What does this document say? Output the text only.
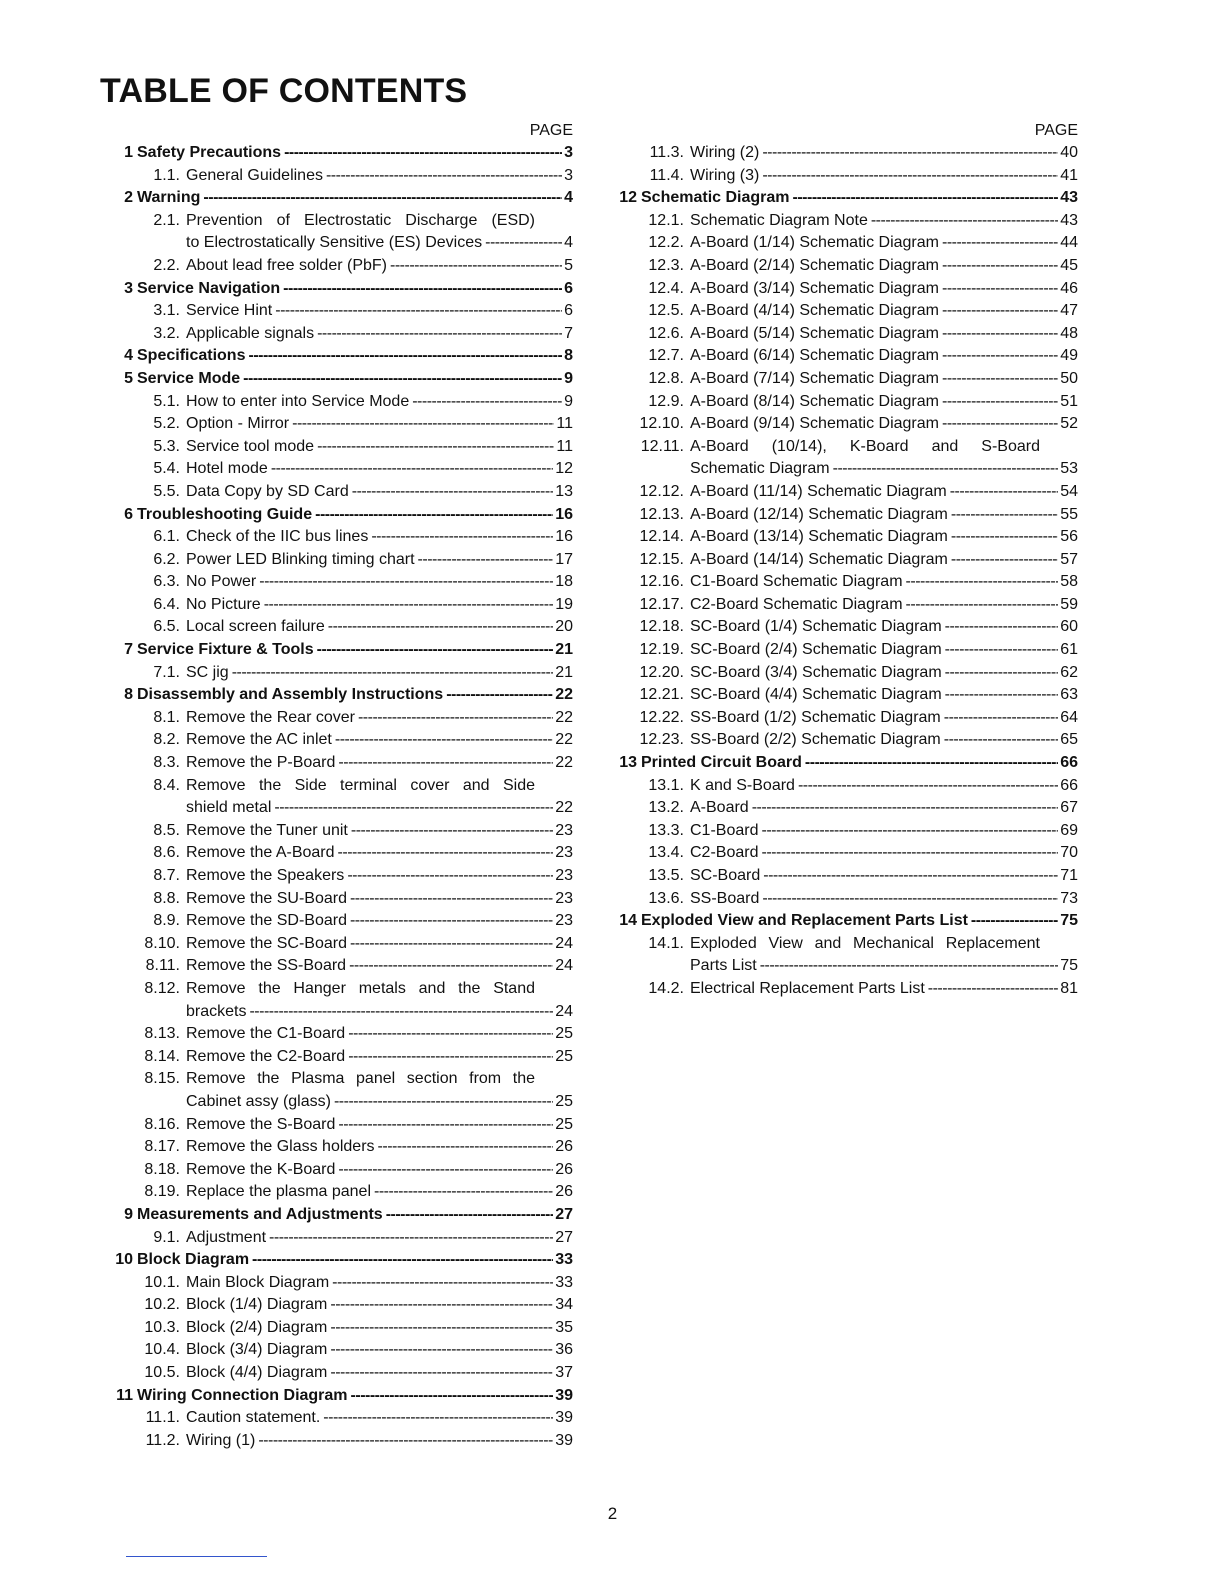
TABLE OF CONTENTS
PAGE
1 Safety Precautions -----	3
1.1. General Guidelines -----	3
2 Warning -----	4
2.1. Prevention of Electrostatic Discharge (ESD)
to Electrostatically Sensitive (ES) Devices -----	4
2.2. About lead free solder (PbF) -----	5
3 Service Navigation -----	6
3.1. Service Hint -----	6
3.2. Applicable signals -----	7
4 Specifications -----	8
5 Service Mode -----	9
5.1. How to enter into Service Mode -----	9
5.2. Option - Mirror -----	11
5.3. Service tool mode -----	11
5.4. Hotel mode -----	12
5.5. Data Copy by SD Card -----	13
6 Troubleshooting Guide -----	16
6.1. Check of the IIC bus lines -----	16
6.2. Power LED Blinking timing chart -----	17
6.3. No Power -----	18
6.4. No Picture -----	19
6.5. Local screen failure -----	20
7 Service Fixture & Tools -----	21
7.1. SC jig -----	21
8 Disassembly and Assembly Instructions -----	22
8.1. Remove the Rear cover -----	22
8.2. Remove the AC inlet -----	22
8.3. Remove the P-Board -----	22
8.4. Remove the Side terminal cover and Side
shield metal -----	22
8.5. Remove the Tuner unit -----	23
8.6. Remove the A-Board -----	23
8.7. Remove the Speakers -----	23
8.8. Remove the SU-Board -----	23
8.9. Remove the SD-Board -----	23
8.10. Remove the SC-Board -----	24
8.11. Remove the SS-Board -----	24
8.12. Remove the Hanger metals and the Stand
brackets -----	24
8.13. Remove the C1-Board -----	25
8.14. Remove the C2-Board -----	25
8.15. Remove the Plasma panel section from the
Cabinet assy (glass) -----	25
8.16. Remove the S-Board -----	25
8.17. Remove the Glass holders -----	26
8.18. Remove the K-Board -----	26
8.19. Replace the plasma panel -----	26
9 Measurements and Adjustments -----	27
9.1. Adjustment -----	27
10 Block Diagram -----	33
10.1. Main Block Diagram -----	33
10.2. Block (1/4) Diagram -----	34
10.3. Block (2/4) Diagram -----	35
10.4. Block (3/4) Diagram -----	36
10.5. Block (4/4) Diagram -----	37
11 Wiring Connection Diagram -----	39
11.1. Caution statement. -----	39
11.2. Wiring (1) -----	39
PAGE
11.3. Wiring (2) -----	40
11.4. Wiring (3) -----	41
12 Schematic Diagram -----	43
12.1. Schematic Diagram Note -----	43
12.2. A-Board (1/14) Schematic Diagram -----	44
12.3. A-Board (2/14) Schematic Diagram -----	45
12.4. A-Board (3/14) Schematic Diagram -----	46
12.5. A-Board (4/14) Schematic Diagram -----	47
12.6. A-Board (5/14) Schematic Diagram -----	48
12.7. A-Board (6/14) Schematic Diagram -----	49
12.8. A-Board (7/14) Schematic Diagram -----	50
12.9. A-Board (8/14) Schematic Diagram -----	51
12.10. A-Board (9/14) Schematic Diagram -----	52
12.11. A-Board (10/14), K-Board and S-Board
Schematic Diagram -----	53
12.12. A-Board (11/14) Schematic Diagram -----	54
12.13. A-Board (12/14) Schematic Diagram -----	55
12.14. A-Board (13/14) Schematic Diagram -----	56
12.15. A-Board (14/14) Schematic Diagram -----	57
12.16. C1-Board Schematic Diagram -----	58
12.17. C2-Board Schematic Diagram -----	59
12.18. SC-Board (1/4) Schematic Diagram -----	60
12.19. SC-Board (2/4) Schematic Diagram -----	61
12.20. SC-Board (3/4) Schematic Diagram -----	62
12.21. SC-Board (4/4) Schematic Diagram -----	63
12.22. SS-Board (1/2) Schematic Diagram -----	64
12.23. SS-Board (2/2) Schematic Diagram -----	65
13 Printed Circuit Board -----	66
13.1. K and S-Board -----	66
13.2. A-Board -----	67
13.3. C1-Board -----	69
13.4. C2-Board -----	70
13.5. SC-Board -----	71
13.6. SS-Board -----	73
14 Exploded View and Replacement Parts List -----	75
14.1. Exploded View and Mechanical Replacement
Parts List -----	75
14.2. Electrical Replacement Parts List -----	81
2
